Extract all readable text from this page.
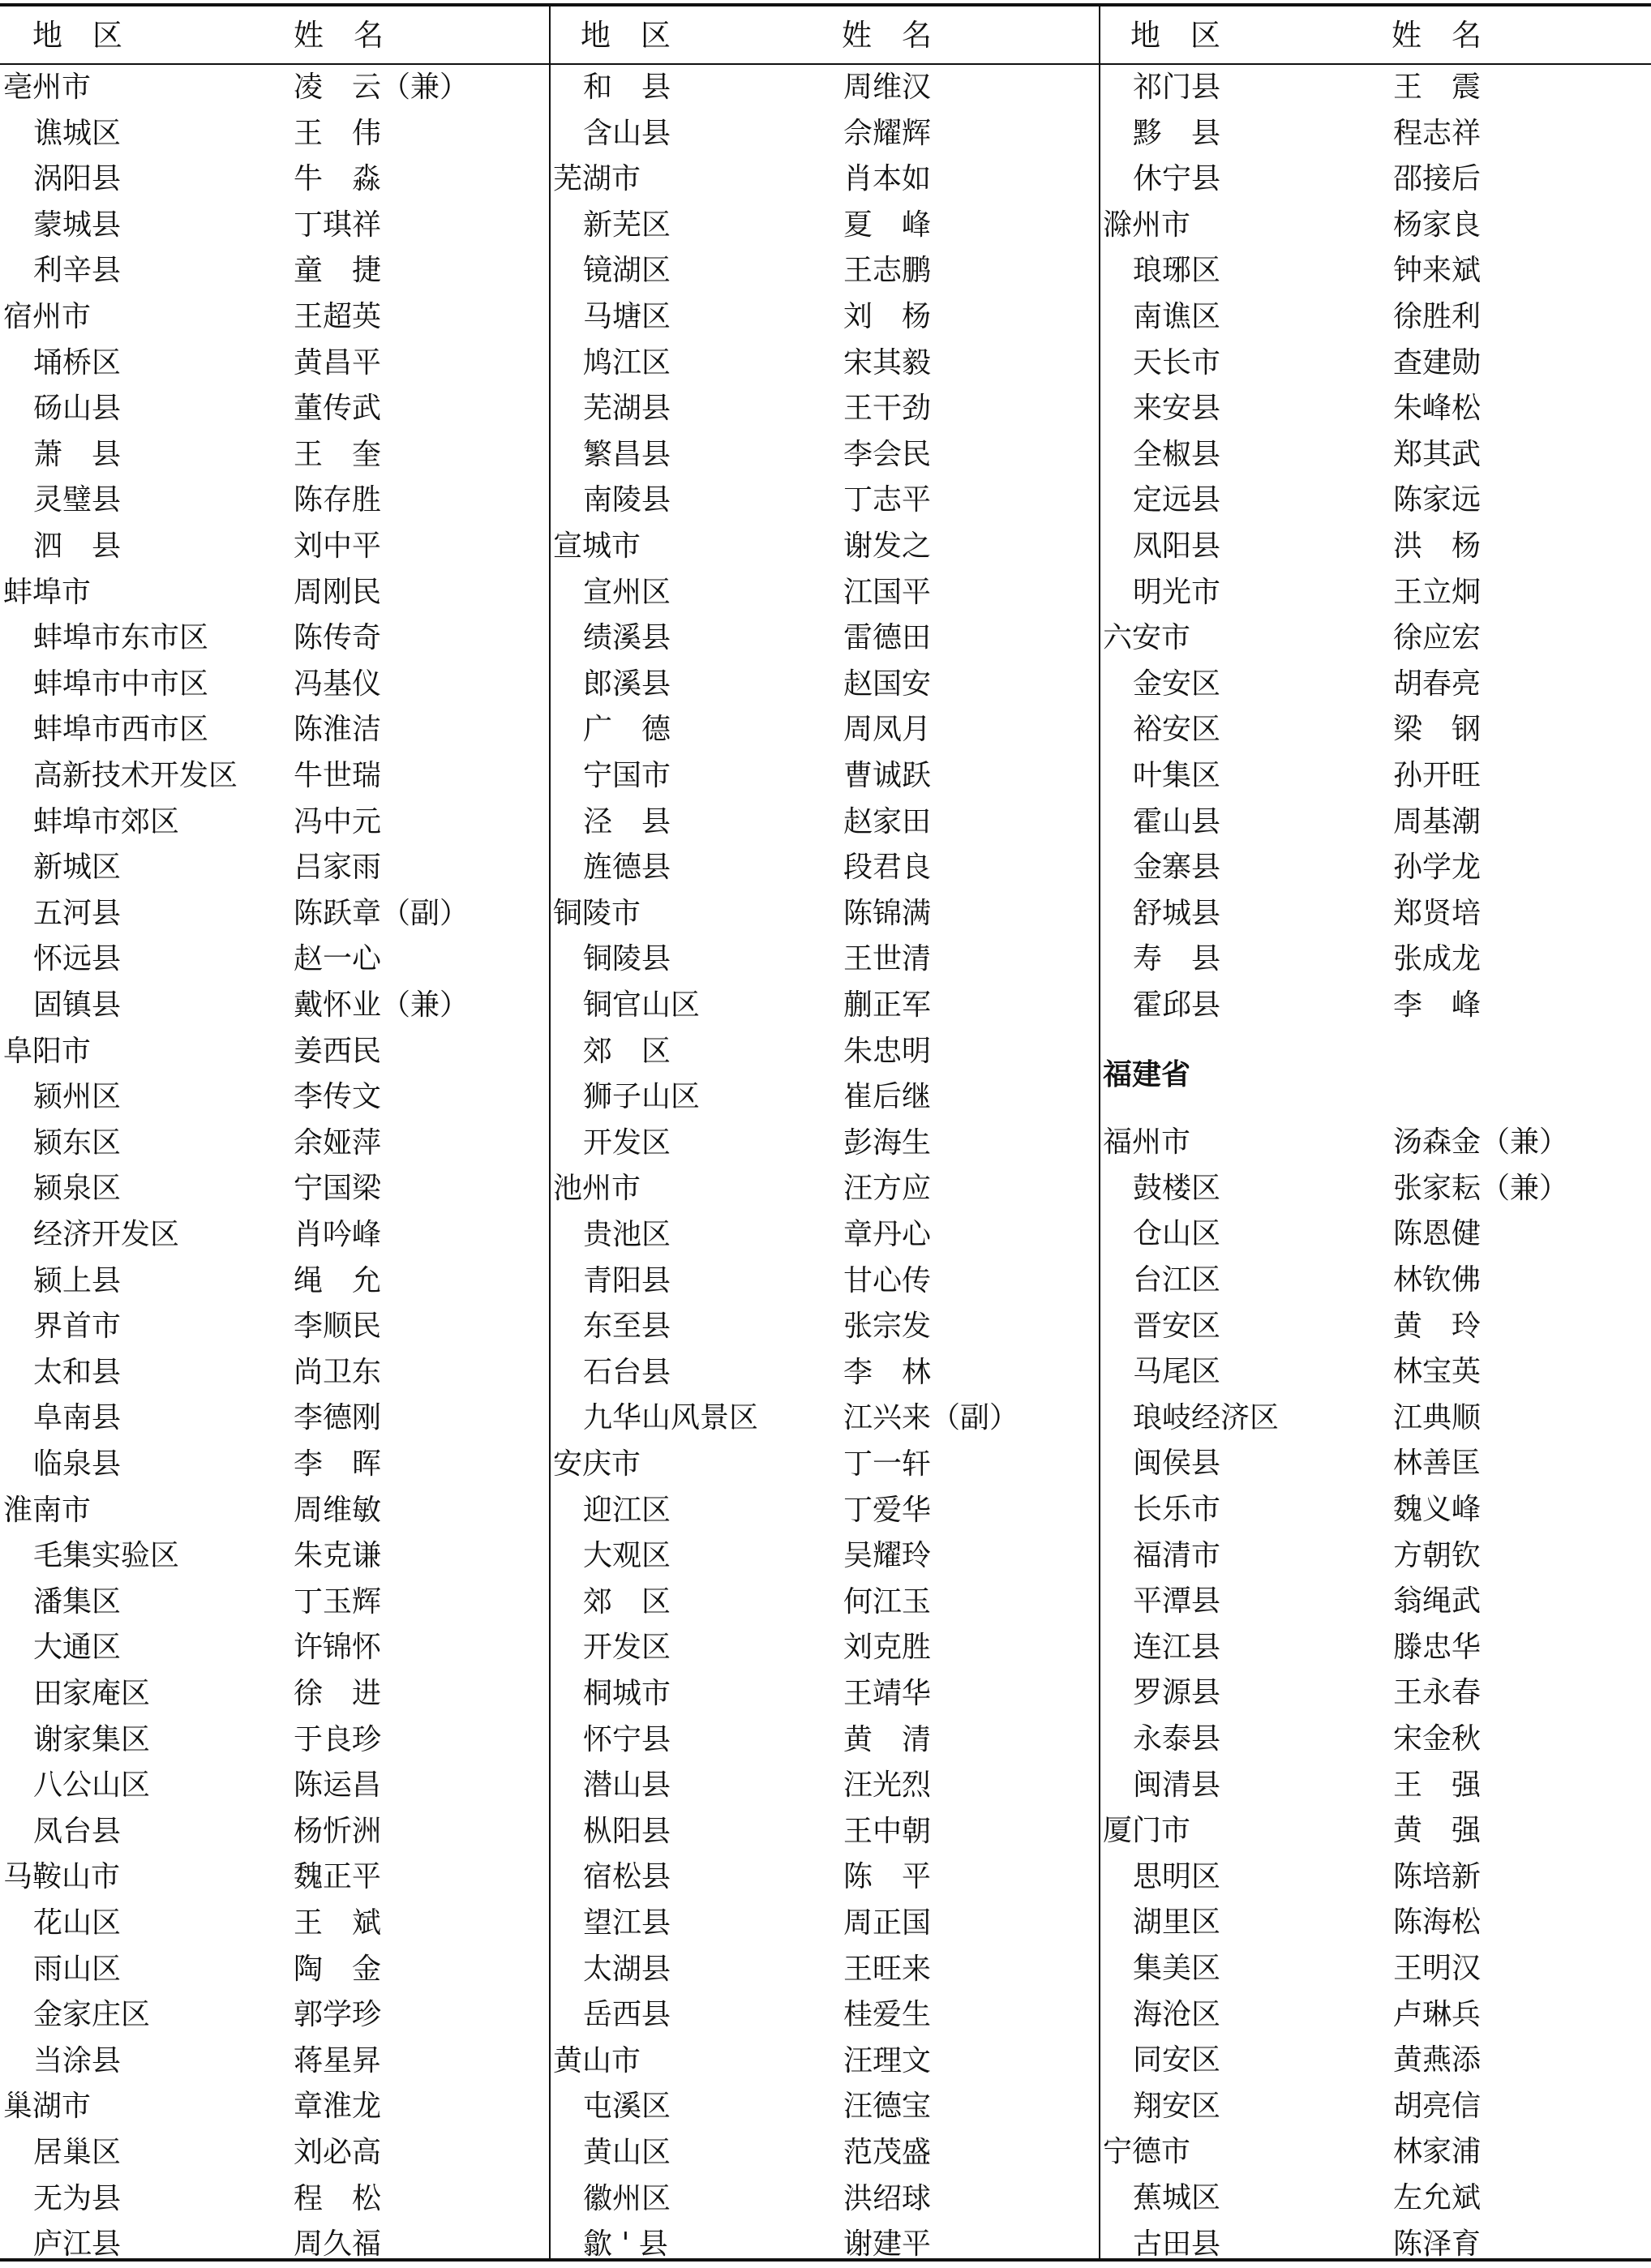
地　区	姓　名	地　区	姓　名	地　区	姓　名
亳州市	凌　云（兼）
谯城区	王　伟
涡阳县	牛　淼
蒙城县	丁琪祥
利辛县	童　捷
宿州市	王超英
埇桥区	黄昌平
砀山县	董传武
萧　县	王　奎
灵璧县	陈存胜
泗　县	刘中平
蚌埠市	周刚民
蚌埠市东市区	陈传奇
蚌埠市中市区	冯基仪
蚌埠市西市区	陈淮洁
高新技术开发区 牛世瑞
蚌埠市郊区	冯中元
新城区	吕家雨
五河县	陈跃章（副）
怀远县	赵一心
固镇县	戴怀业（兼）
阜阳市	姜西民
颍州区	李传文
颍东区	余娅萍
颍泉区	宁国梁
经济开发区	肖吟峰
颍上县	绳　允
界首市	李顺民
太和县	尚卫东
阜南县	李德刚
临泉县	李　晖
淮南市	周维敏
毛集实验区	朱克谦
潘集区	丁玉辉
大通区	许锦怀
田家庵区	徐　进
谢家集区	于良珍
八公山区	陈运昌
凤台县	杨忻洲
马鞍山市	魏正平
花山区	王　斌
雨山区	陶　金
金家庄区	郭学珍
当涂县	蒋星昇
巢湖市	章淮龙
居巢区	刘必高
无为县	程　松
庐江县	周久福
和　县	周维汉
含山县	佘耀辉
芜湖市	肖本如
新芜区	夏　峰
镜湖区	王志鹏
马塘区	刘　杨
鸠江区	宋其毅
芜湖县	王干劲
繁昌县	李会民
南陵县	丁志平
宣城市	谢发之
宣州区	江国平
绩溪县	雷德田
郎溪县	赵国安
广　德	周凤月
宁国市	曹诚跃
泾　县	赵家田
旌德县	段君良
铜陵市	陈锦满
铜陵县	王世清
铜官山区	蒯正军
郊　区	朱忠明
狮子山区	崔后继
开发区	彭海生
池州市	汪方应
贵池区	章丹心
青阳县	甘心传
东至县	张宗发
石台县	李　林
九华山风景区	江兴来（副）
安庆市	丁一轩
迎江区	丁爱华
大观区	吴耀玲
郊　区	何江玉
开发区	刘克胜
桐城市	王靖华
怀宁县	黄　清
潜山县	汪光烈
枞阳县	王中朝
宿松县	陈　平
望江县	周正国
太湖县	王旺来
岳西县	桂爱生
黄山市	汪理文
屯溪区	汪德宝
黄山区	范茂盛
徽州区	洪绍球
歙 ' 县	谢建平
祁门县	王　震
黟　县	程志祥
休宁县	邵接后
滁州市	杨家良
琅琊区	钟来斌
南谯区	徐胜利
天长市	查建勋
来安县	朱峰松
全椒县	郑其武
定远县	陈家远
凤阳县	洪　杨
明光市	王立炯
六安市	徐应宏
金安区	胡春亮
裕安区	梁　钢
叶集区	孙开旺
霍山县	周基潮
金寨县	孙学龙
舒城县	郑贤培
寿　县	张成龙
霍邱县	李　峰
福建省
福州市	汤森金（兼）
鼓楼区	张家耘（兼）
仓山区	陈恩健
台江区	林钦佛
晋安区	黄　玲
马尾区	林宝英
琅岐经济区	江典顺
闽侯县	林善匡
长乐市	魏义峰
福清市	方朝钦
平潭县	翁绳武
连江县	滕忠华
罗源县	王永春
永泰县	宋金秋
闽清县	王　强
厦门市	黄　强
思明区	陈培新
湖里区	陈海松
集美区	王明汉
海沧区	卢琳兵
同安区	黄燕添
翔安区	胡亮信
宁德市	林家浦
蕉城区	左允斌
古田县	陈泽育
